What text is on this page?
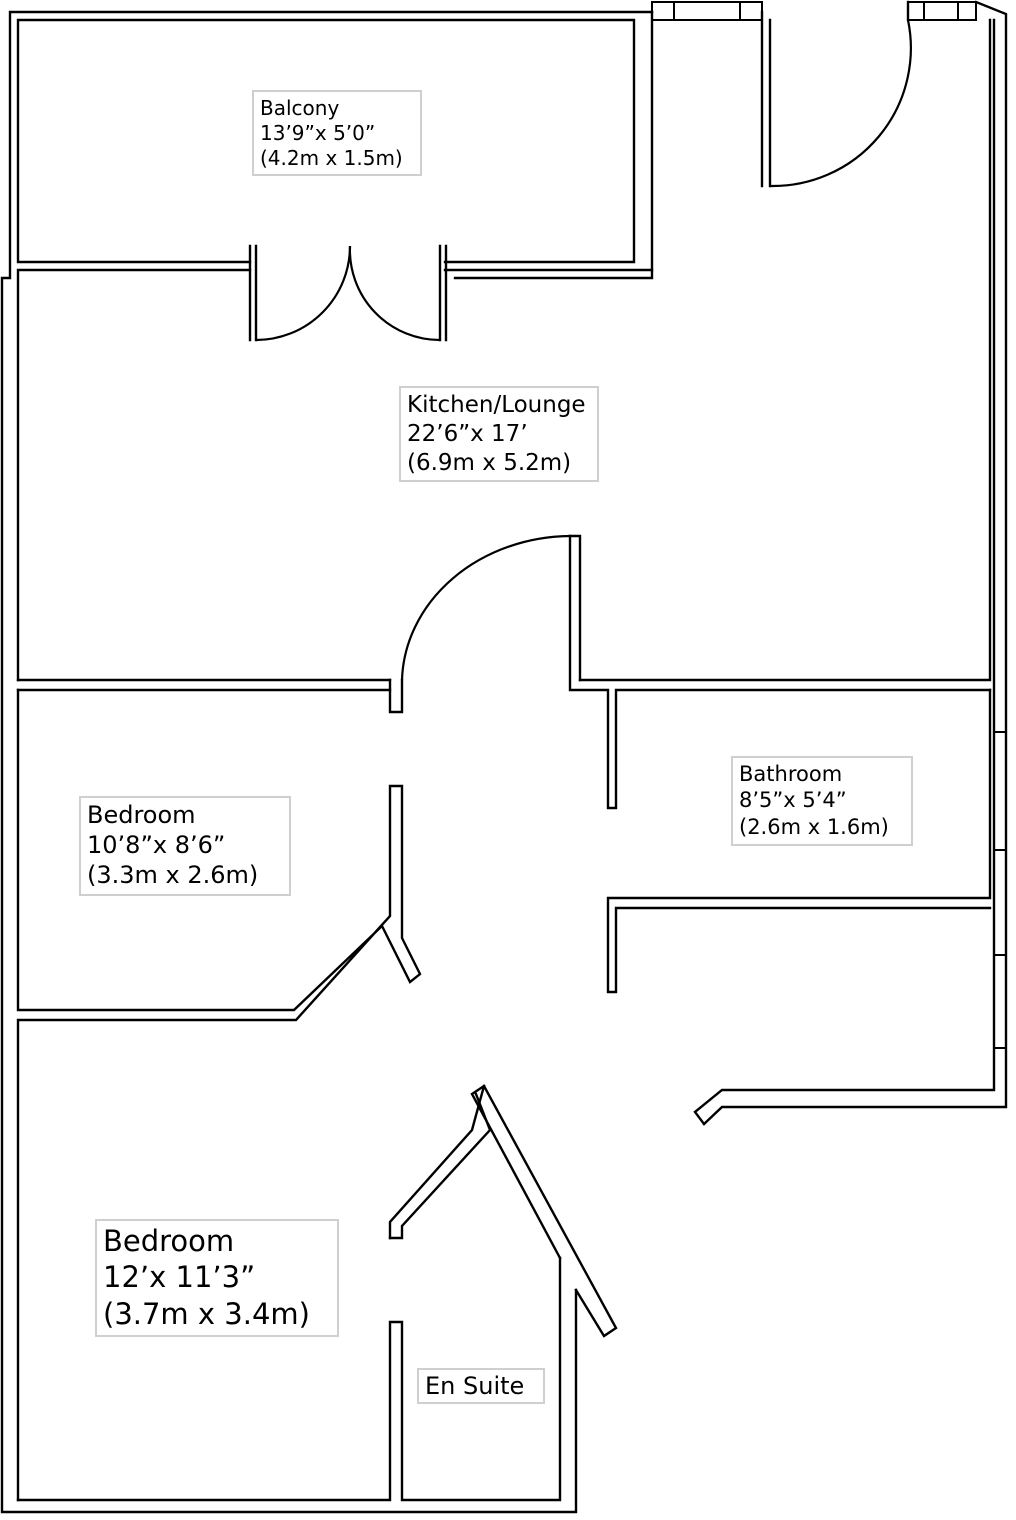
Balcony
13’9”x 5’0”
(4.2m x 1.5m)
Kitchen/Lounge
22’6”x 17’
(6.9m x 5.2m)
Bathroom
8’5”x 5’4”
(2.6m x 1.6m)
Bedroom
10’8”x 8’6”
(3.3m x 2.6m)
Bedroom
12’x 11’3”
(3.7m x 3.4m)
En Suite
